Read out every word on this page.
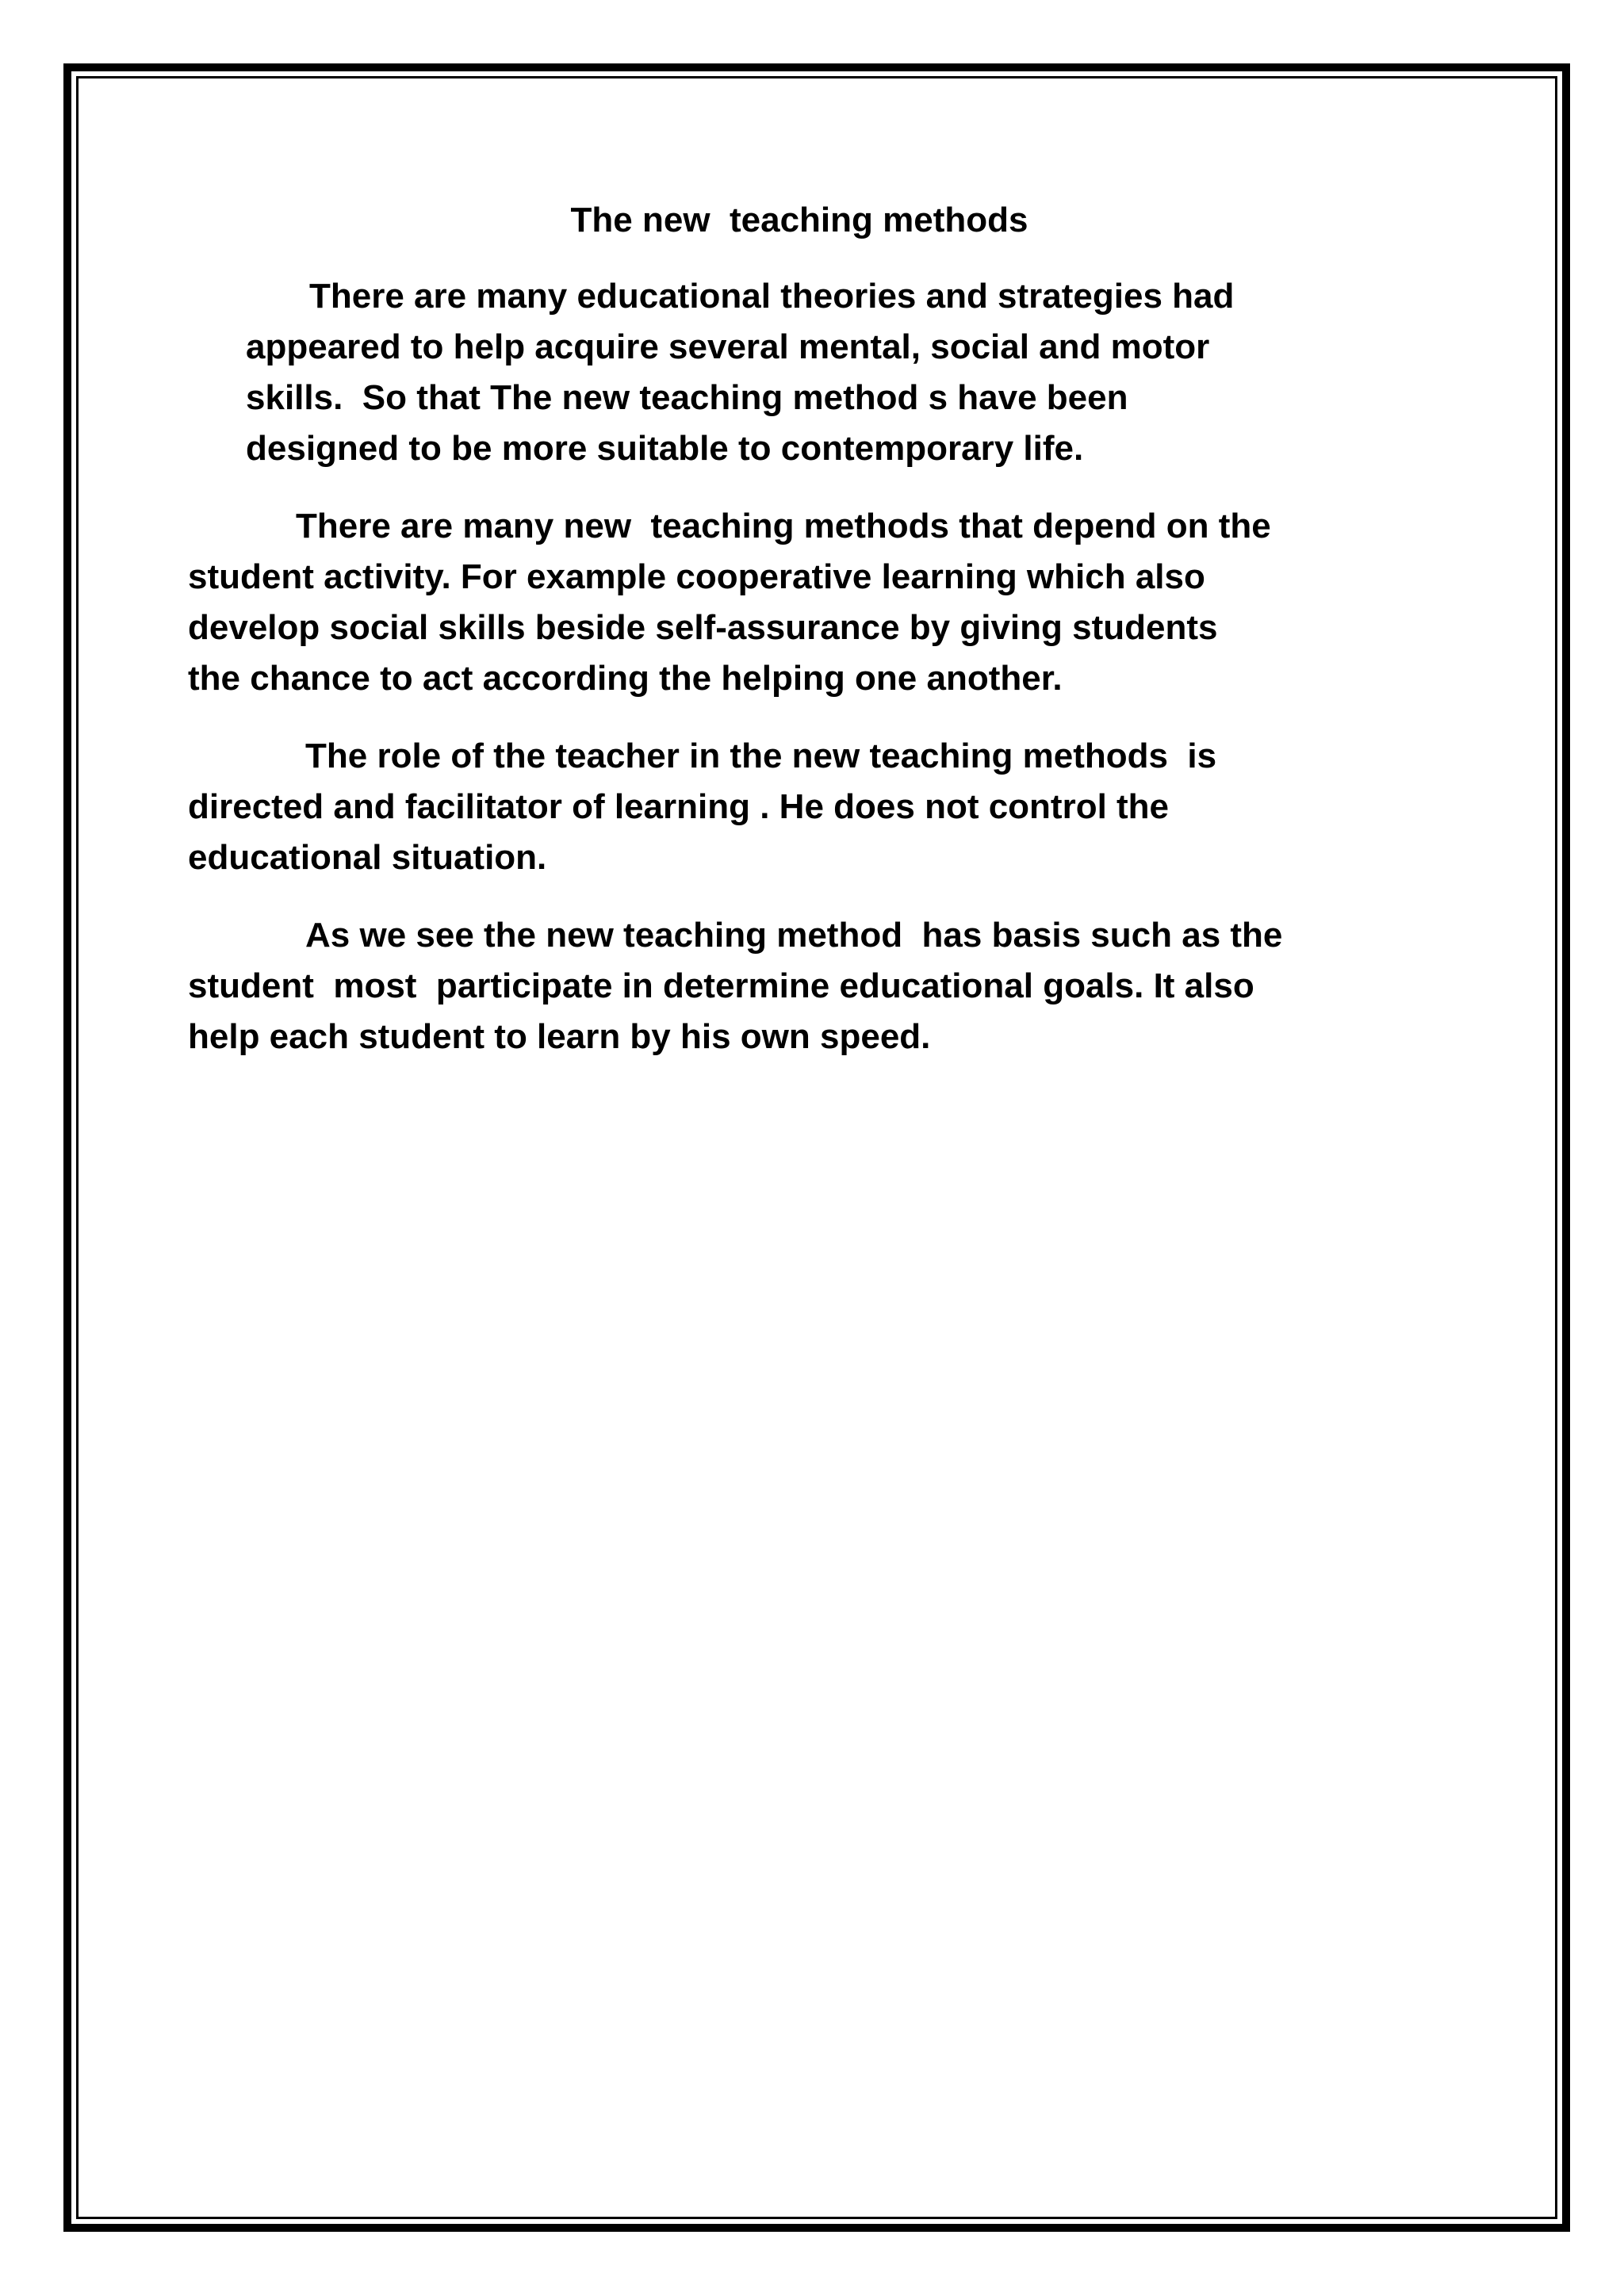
The new  teaching methods

There are many educational theories and strategies had
appeared to help acquire several mental, social and motor
skills.  So that The new teaching method s have been
designed to be more suitable to contemporary life.

There are many new  teaching methods that depend on the
student activity. For example cooperative learning which also
develop social skills beside self-assurance by giving students
the chance to act according the helping one another.

The role of the teacher in the new teaching methods  is
directed and facilitator of learning . He does not control the
educational situation.

As we see the new teaching method  has basis such as the
student  most  participate in determine educational goals. It also
help each student to learn by his own speed.
